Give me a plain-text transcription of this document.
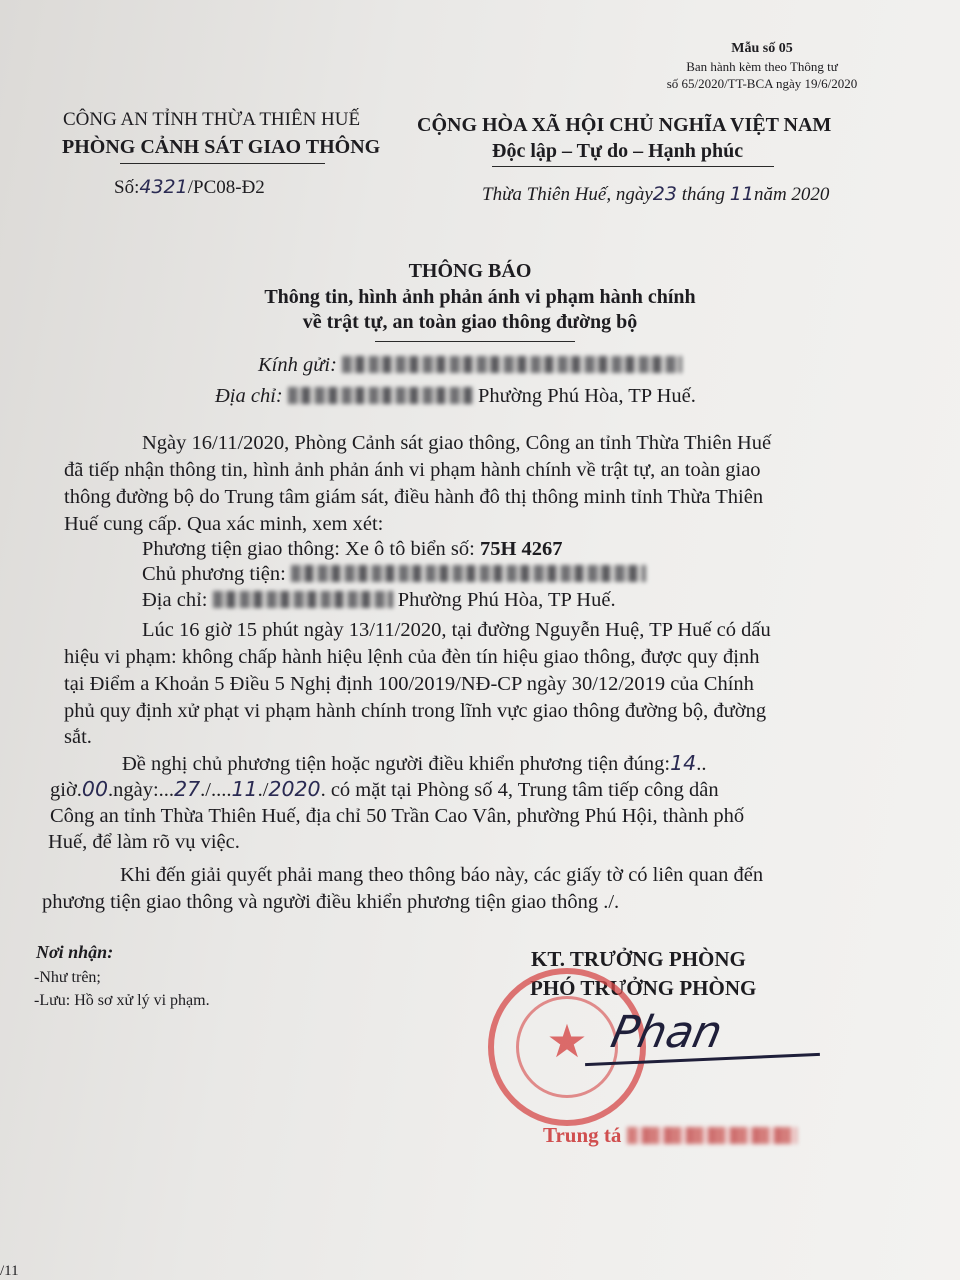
Mẫu số 05
Ban hành kèm theo Thông tư
số 65/2020/TT-BCA ngày 19/6/2020
CÔNG AN TỈNH THỪA THIÊN HUẾ
PHÒNG CẢNH SÁT GIAO THÔNG
Số:4321/PC08-Đ2
CỘNG HÒA XÃ HỘI CHỦ NGHĨA VIỆT NAM
Độc lập – Tự do – Hạnh phúc
Thừa Thiên Huế, ngày23 tháng 11năm 2020
THÔNG BÁO
Thông tin, hình ảnh phản ánh vi phạm hành chính
về trật tự, an toàn giao thông đường bộ
Kính gửi:
Địa chỉ:	Phường Phú Hòa, TP Huế.
Ngày 16/11/2020, Phòng Cảnh sát giao thông, Công an tỉnh Thừa Thiên Huế
đã tiếp nhận thông tin, hình ảnh phản ánh vi phạm hành chính về trật tự, an toàn giao
thông đường bộ do Trung tâm giám sát, điều hành đô thị thông minh tỉnh Thừa Thiên
Huế cung cấp. Qua xác minh, xem xét:
Phương tiện giao thông: Xe ô tô biển số: 75H 4267
Chủ phương tiện:
Địa chỉ:	Phường Phú Hòa, TP Huế.
Lúc 16 giờ 15 phút ngày 13/11/2020, tại đường Nguyễn Huệ, TP Huế có dấu
hiệu vi phạm: không chấp hành hiệu lệnh của đèn tín hiệu giao thông, được quy định
tại Điểm a Khoản 5 Điều 5 Nghị định 100/2019/NĐ-CP ngày 30/12/2019 của Chính
phủ quy định xử phạt vi phạm hành chính trong lĩnh vực giao thông đường bộ, đường
sắt.
Đề nghị chủ phương tiện hoặc người điều khiển phương tiện đúng:14..
giờ.00.ngày:...27./....11./2020. có mặt tại Phòng số 4, Trung tâm tiếp công dân
Công an tỉnh Thừa Thiên Huế, địa chỉ 50 Trần Cao Vân, phường Phú Hội, thành phố
Huế, để làm rõ vụ việc.
Khi đến giải quyết phải mang theo thông báo này, các giấy tờ có liên quan đến
phương tiện giao thông và người điều khiển phương tiện giao thông ./.
Nơi nhận:
-Như trên;
-Lưu: Hồ sơ xử lý vi phạm.
KT. TRƯỞNG PHÒNG
PHÓ TRƯỞNG PHÒNG
★ Phan
Trung tá
/11
